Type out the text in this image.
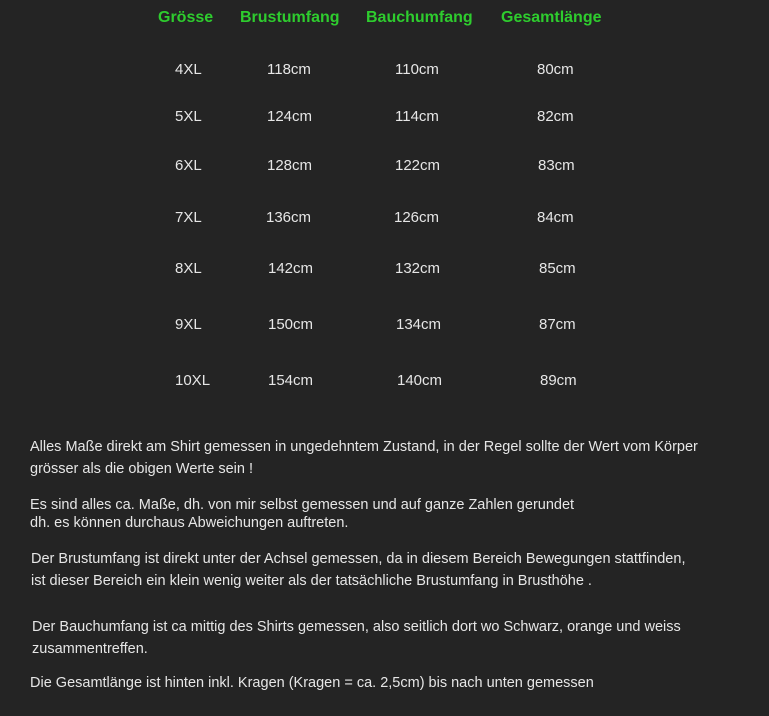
Grösse Brustumfang Bauchumfang Gesamtlänge
4XL	118cm	110cm	80cm
5XL	124cm	114cm	82cm
6XL	128cm	122cm	83cm
7XL	136cm	126cm	84cm
8XL	142cm	132cm	85cm
9XL	150cm	134cm	87cm
10XL	154cm	140cm	89cm
Alles Maße direkt am Shirt gemessen in ungedehntem Zustand, in der Regel sollte der Wert vom Körper
grösser als die obigen Werte sein !
Es sind alles ca. Maße, dh. von mir selbst gemessen und auf ganze Zahlen gerundet
dh. es können durchaus Abweichungen auftreten.
Der Brustumfang ist direkt unter der Achsel gemessen, da in diesem Bereich Bewegungen stattfinden,
ist dieser Bereich ein klein wenig weiter als der tatsächliche Brustumfang in Brusthöhe .
Der Bauchumfang ist ca mittig des Shirts gemessen, also seitlich dort wo Schwarz, orange und weiss
zusammentreffen.
Die Gesamtlänge ist hinten inkl. Kragen (Kragen = ca. 2,5cm) bis nach unten gemessen
